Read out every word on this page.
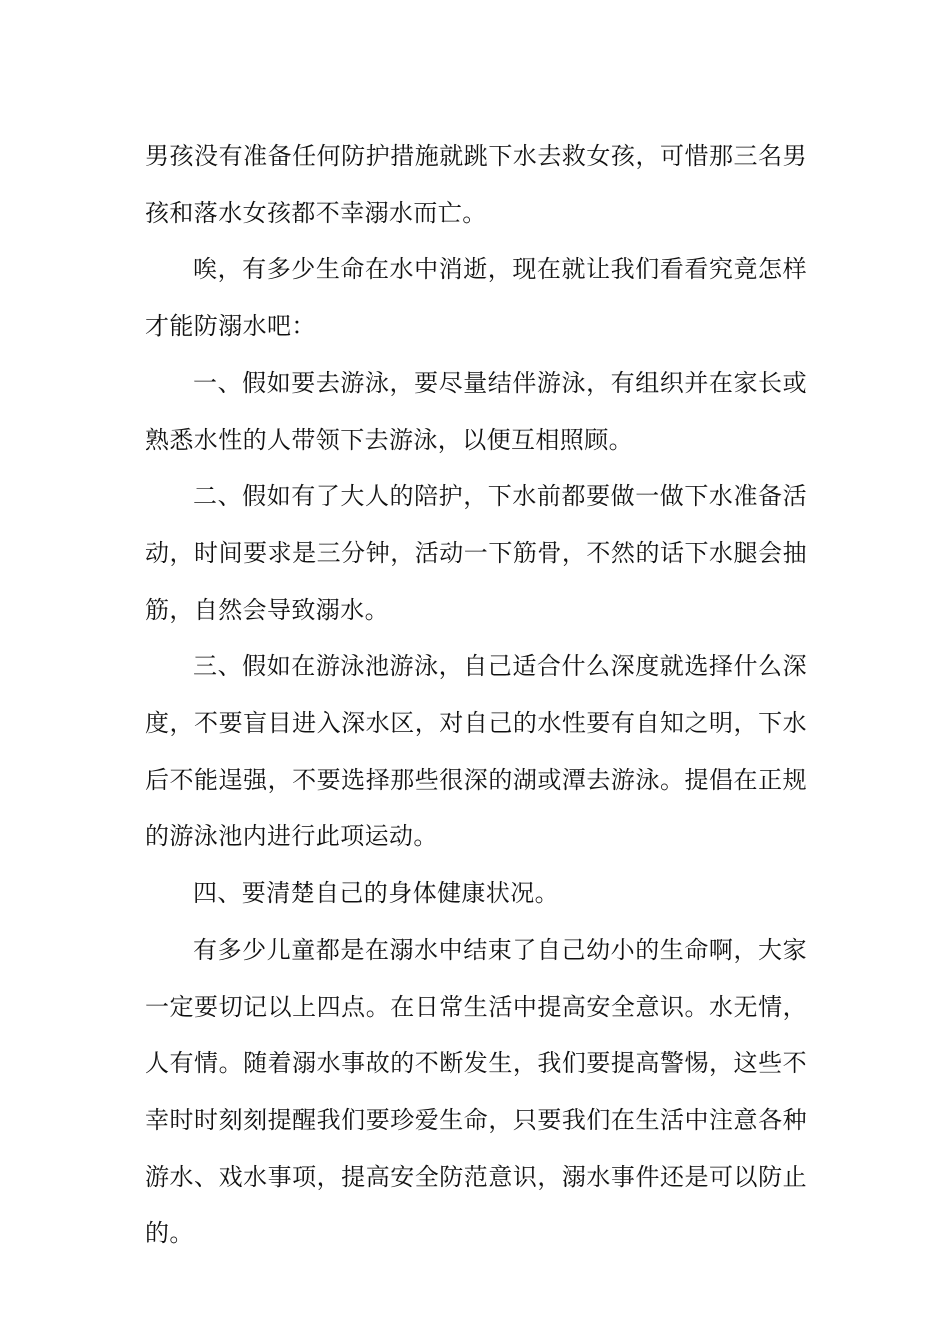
男孩没有准备任何防护措施就跳下水去救女孩，可惜那三名男孩和落水女孩都不幸溺水而亡。

唉，有多少生命在水中消逝，现在就让我们看看究竟怎样才能防溺水吧：

一、假如要去游泳，要尽量结伴游泳，有组织并在家长或熟悉水性的人带领下去游泳，以便互相照顾。

二、假如有了大人的陪护，下水前都要做一做下水准备活动，时间要求是三分钟，活动一下筋骨，不然的话下水腿会抽筋，自然会导致溺水。

三、假如在游泳池游泳，自己适合什么深度就选择什么深度，不要盲目进入深水区，对自己的水性要有自知之明，下水后不能逞强，不要选择那些很深的湖或潭去游泳。提倡在正规的游泳池内进行此项运动。

四、要清楚自己的身体健康状况。

有多少儿童都是在溺水中结束了自己幼小的生命啊，大家一定要切记以上四点。在日常生活中提高安全意识。水无情，人有情。随着溺水事故的不断发生，我们要提高警惕，这些不幸时时刻刻提醒我们要珍爱生命，只要我们在生活中注意各种游水、戏水事项，提高安全防范意识，溺水事件还是可以防止的。
